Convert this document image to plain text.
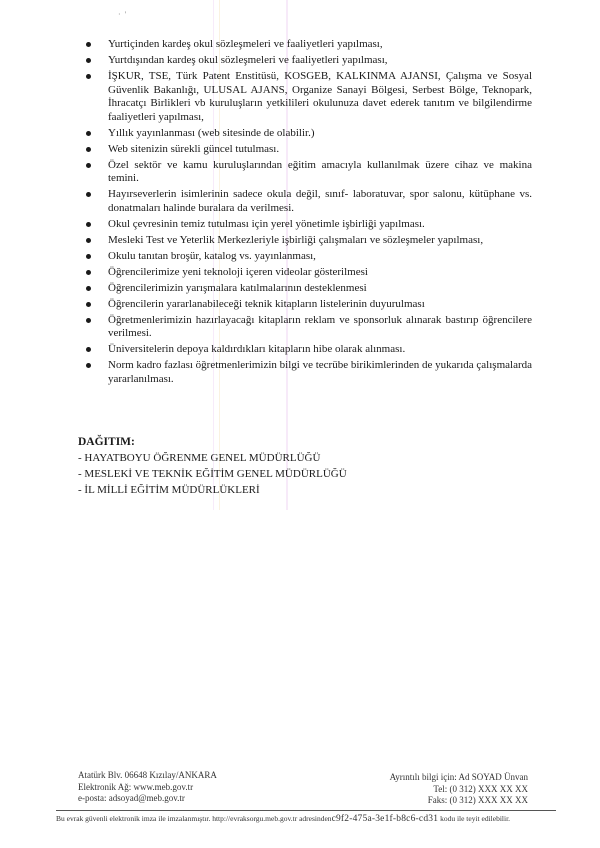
· '
Yurtiçinden kardeş okul sözleşmeleri ve faaliyetleri yapılması,
Yurtdışından kardeş okul sözleşmeleri ve faaliyetleri yapılması,
İŞKUR, TSE, Türk Patent Enstitüsü, KOSGEB, KALKINMA AJANSI, Çalışma ve Sosyal Güvenlik Bakanlığı, ULUSAL AJANS, Organize Sanayi Bölgesi, Serbest Bölge, Teknopark, İhracatçı Birlikleri vb kuruluşların yetkilileri okulunuza davet ederek tanıtım ve bilgilendirme faaliyetleri yapılması,
Yıllık yayınlanması (web sitesinde de olabilir.)
Web sitenizin sürekli güncel tutulması.
Özel sektör ve kamu kuruluşlarından eğitim amacıyla kullanılmak üzere cihaz ve makina temini.
Hayırseverlerin isimlerinin sadece okula değil, sınıf- laboratuvar, spor salonu, kütüphane vs. donatmaları halinde buralara da verilmesi.
Okul çevresinin temiz tutulması için yerel yönetimle işbirliği yapılması.
Mesleki Test ve Yeterlik Merkezleriyle işbirliği çalışmaları ve sözleşmeler yapılması,
Okulu tanıtan broşür, katalog vs. yayınlanması,
Öğrencilerimize yeni teknoloji içeren videolar gösterilmesi
Öğrencilerimizin yarışmalara katılmalarının desteklenmesi
Öğrencilerin yararlanabileceği teknik kitapların listelerinin duyurulması
Öğretmenlerimizin hazırlayacağı kitapların reklam ve sponsorluk alınarak bastırıp öğrencilere verilmesi.
Üniversitelerin depoya kaldırdıkları kitapların hibe olarak alınması.
Norm kadro fazlası öğretmenlerimizin bilgi ve tecrübe birikimlerinden de yukarıda çalışmalarda yararlanılması.
DAĞITIM:
- HAYATBOYU ÖĞRENME GENEL MÜDÜRLÜĞÜ
- MESLEKİ VE TEKNİK EĞİTİM GENEL MÜDÜRLÜĞÜ
- İL MİLLİ EĞİTİM MÜDÜRLÜKLERİ
Atatürk Blv. 06648 Kızılay/ANKARA
Elektronik Ağ: www.meb.gov.tr
e-posta: adsoyad@meb.gov.tr
Ayrıntılı bilgi için: Ad SOYAD Ünvan
Tel: (0 312) XXX XX XX
Faks: (0 312) XXX XX XX
Bu evrak güvenli elektronik imza ile imzalanmıştır. http://evraksorgu.meb.gov.tr adresindenc9f2-475a-3e1f-b8c6-cd31 kodu ile teyit edilebilir.
